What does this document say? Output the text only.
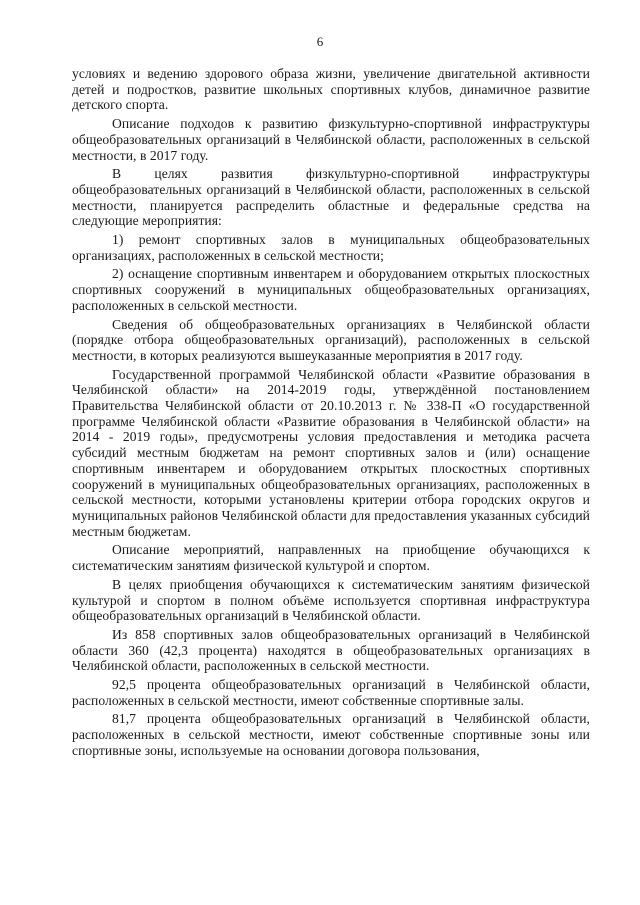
6

условиях и ведению здорового образа жизни, увеличение двигательной активности детей и подростков, развитие школьных спортивных клубов, динамичное развитие детского спорта.

Описание подходов к развитию физкультурно-спортивной инфраструктуры общеобразовательных организаций в Челябинской области, расположенных в сельской местности, в 2017 году.

В целях развития физкультурно-спортивной инфраструктуры общеобразовательных организаций в Челябинской области, расположенных в сельской местности, планируется распределить областные и федеральные средства на следующие мероприятия:

1) ремонт спортивных залов в муниципальных общеобразовательных организациях, расположенных в сельской местности;

2) оснащение спортивным инвентарем и оборудованием открытых плоскостных спортивных сооружений в муниципальных общеобразовательных организациях, расположенных в сельской местности.

Сведения об общеобразовательных организациях в Челябинской области (порядке отбора общеобразовательных организаций), расположенных в сельской местности, в которых реализуются вышеуказанные мероприятия в 2017 году.

Государственной программой Челябинской области «Развитие образования в Челябинской области» на 2014-2019 годы, утверждённой постановлением Правительства Челябинской области от 20.10.2013 г. № 338-П «О государственной программе Челябинской области «Развитие образования в Челябинской области» на 2014 - 2019 годы», предусмотрены условия предоставления и методика расчета субсидий местным бюджетам на ремонт спортивных залов и (или) оснащение спортивным инвентарем и оборудованием открытых плоскостных спортивных сооружений в муниципальных общеобразовательных организациях, расположенных в сельской местности, которыми установлены критерии отбора городских округов и муниципальных районов Челябинской области для предоставления указанных субсидий местным бюджетам.

Описание мероприятий, направленных на приобщение обучающихся к систематическим занятиям физической культурой и спортом.

В целях приобщения обучающихся к систематическим занятиям физической культурой и спортом в полном объёме используется спортивная инфраструктура общеобразовательных организаций в Челябинской области.

Из 858 спортивных залов общеобразовательных организаций в Челябинской области 360 (42,3 процента) находятся в общеобразовательных организациях в Челябинской области, расположенных в сельской местности.

92,5 процента общеобразовательных организаций в Челябинской области, расположенных в сельской местности, имеют собственные спортивные залы.

81,7 процента общеобразовательных организаций в Челябинской области, расположенных в сельской местности, имеют собственные спортивные зоны или спортивные зоны, используемые на основании договора пользования,
